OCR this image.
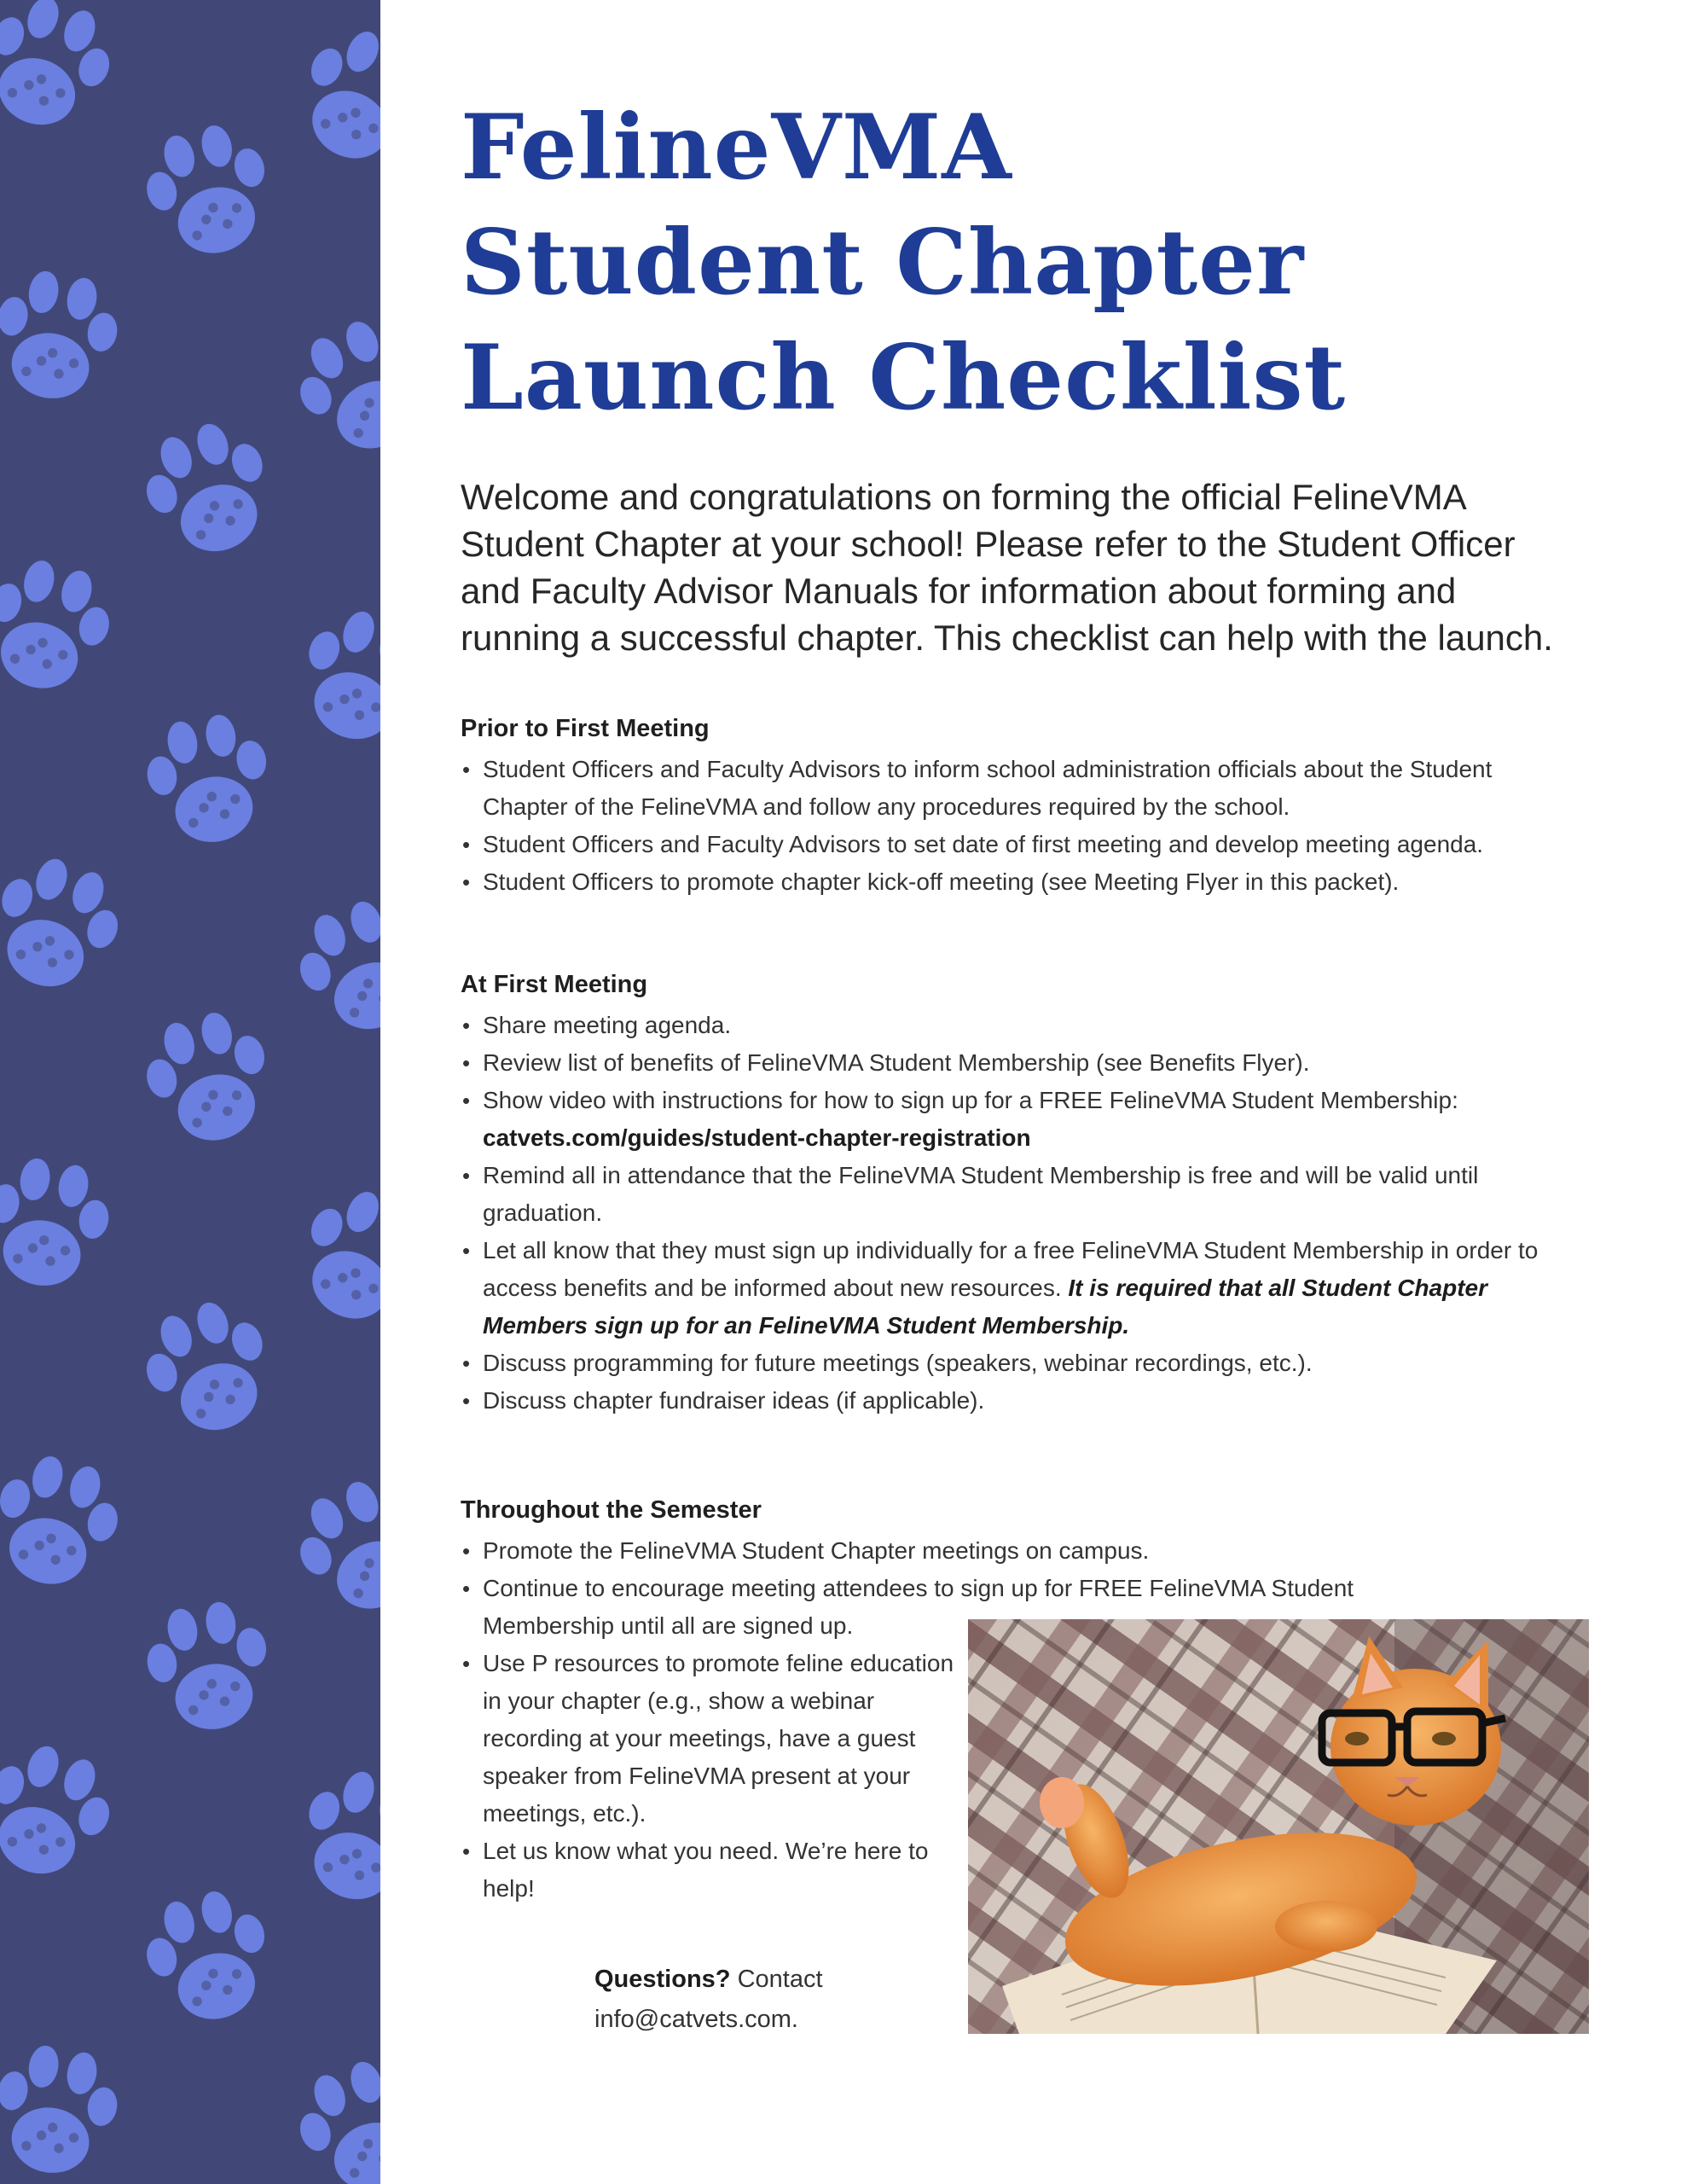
FelineVMA
Student Chapter
Launch Checklist

Welcome and congratulations on forming the official FelineVMA Student Chapter at your school! Please refer to the Student Officer and Faculty Advisor Manuals for information about forming and running a successful chapter. This checklist can help with the launch.

Prior to First Meeting
• Student Officers and Faculty Advisors to inform school administration officials about the Student Chapter of the FelineVMA and follow any procedures required by the school.
• Student Officers and Faculty Advisors to set date of first meeting and develop meeting agenda.
• Student Officers to promote chapter kick-off meeting (see Meeting Flyer in this packet).
At First Meeting
• Share meeting agenda.
• Review list of benefits of FelineVMA Student Membership (see Benefits Flyer).
• Show video with instructions for how to sign up for a FREE FelineVMA Student Membership:
catvets.com/guides/student-chapter-registration
• Remind all in attendance that the FelineVMA Student Membership is free and will be valid until graduation.
• Let all know that they must sign up individually for a free FelineVMA Student Membership in order to access benefits and be informed about new resources. It is required that all Student Chapter Members sign up for an FelineVMA Student Membership.
• Discuss programming for future meetings (speakers, webinar recordings, etc.).
• Discuss chapter fundraiser ideas (if applicable).
Throughout the Semester
• Promote the FelineVMA Student Chapter meetings on campus.
• Continue to encourage meeting attendees to sign up for FREE FelineVMA Student Membership until all are signed up.
• Use P resources to promote feline education in your chapter (e.g., show a webinar recording at your meetings, have a guest speaker from FelineVMA present at your meetings, etc.).
• Let us know what you need. We’re here to help!
Questions? Contact
info@catvets.com.
